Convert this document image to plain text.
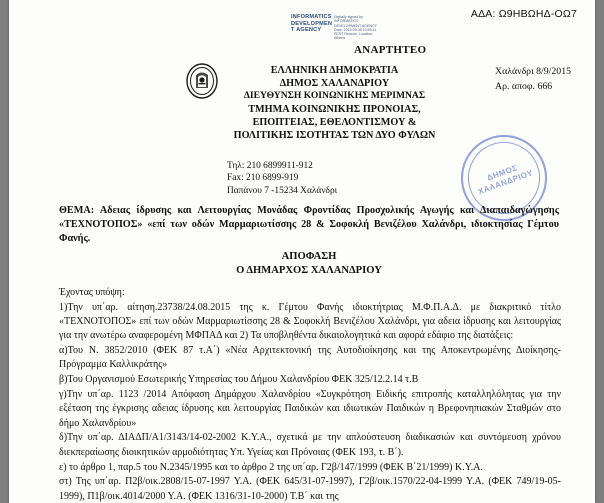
ΑΔΑ: Ω9ΗΒΩΗΔ-ΟΩ7
INFORMATICS DEVELOPMEN T AGENCY
Digitally signed by INFORMATICS DEVELOPMENT AGENCY Date: 2015.09.08 10:55:11 EEST Reason: Location: Athens
ΑΝΑΡΤΗΤΕΟ
ΕΛΛΗΝΙΚΗ ΔΗΜΟΚΡΑΤΙΑ
ΔΗΜΟΣ ΧΑΛΑΝΔΡΙΟΥ
ΔΙΕΥΘΥΝΣΗ ΚΟΙΝΩΝΙΚΗΣ ΜΕΡΙΜΝΑΣ
ΤΜΗΜΑ ΚΟΙΝΩΝΙΚΗΣ ΠΡΟΝΟΙΑΣ,
ΕΠΟΠΤΕΙΑΣ, ΕΘΕΛΟΝΤΙΣΜΟΥ &
ΠΟΛΙΤΙΚΗΣ ΙΣΟΤΗΤΑΣ ΤΩΝ ΔΥΟ ΦΥΛΩΝ
Τηλ: 210 6899911-912
Fax: 210 6899-919
Παπάνου 7 -15234 Χαλάνδρι
Χαλάνδρι 8/9/2015
Αρ. αποφ. 666
ΔΗΜΟΣ ΧΑΛΑΝΔΡΙΟΥ
ΘΕΜΑ: Αδειας ίδρυσης και Λειτουργίας Μονάδας Φροντίδας Προσχολικής Αγωγής και Διαπαιδαγώγησης «ΤΕΧΝΟΤΟΠΟΣ» «επί των οδών Μαρμαριωτίσσης 28 & Σοφοκλή Βενιζέλου Χαλάνδρι, ιδιοκτησίας Γέμτου Φανής.
ΑΠΟΦΑΣΗ
Ο ΔΗΜΑΡΧΟΣ ΧΑΛΑΝΔΡΙΟΥ

Έχοντας υπόψη:

1)Την υπ΄αρ. αίτηση.23738/24.08.2015 της κ. Γέμτου Φανής ιδιοκτήτριας Μ.Φ.Π.Α.Δ. με διακριτικό τίτλο «ΤΕΧΝΟΤΟΠΟΣ» επί των οδών Μαρμαριωτίσσης 28 & Σοφοκλή Βενιζέλου Χαλάνδρι, για αδεια ίδρυσης και λειτουργίας για την ανωτέρω αναφερομένη ΜΦΠΑΔ και 2) Τα υποβληθέντα δικαιολογητικά και αφορά εδάφιο της διατάξεις:

α)Του Ν. 3852/2010 (ΦΕΚ 87 τ.Α΄) «Νέα Αρχιτεκτονική της Αυτοδιοίκησης και της Αποκεντρωμένης Διοίκησης- Πρόγραμμα Καλλικράτης»

β)Του Οργανισμού Εσωτερικής Υπηρεσίας του Δήμου Χαλανδρίου ΦΕΚ 325/12.2.14 τ.Β

γ)Την υπ΄αρ. 1123 /2014 Απόφαση Δημάρχου Χαλανδρίου «Συγκρότηση Ειδικής επιτροπής καταλληλόλητας για την εξέταση της έγκρισης αδειας ίδρυσης και λειτουργίας Παιδικών και ιδιωτικών Παιδικών η Βρεφονηπιακών Σταθμών στο δήμο Χαλανδρίου»

δ)Την υπ΄αρ. ΔΙΑΔΠ/Α1/3143/14-02-2002 Κ.Υ.Α., σχετικά με την απλούστευση διαδικασιών και συντόμευση χρόνου διεκπεραίωσης διοικητικών αρμοδιότητας Υπ. Υγείας και Πρόνοιας (ΦΕΚ 193, τ. Β΄).

ε) το άρθρο 1, παρ.5 του Ν.2345/1995 και το άρθρο 2 της υπ΄αρ. Γ2β/147/1999 (ΦΕΚ Β΄21/1999) Κ.Υ.Α.

στ) Της υπ΄αρ. Π2β/οικ.2808/15-07-1997 Υ.Α. (ΦΕΚ 645/31-07-1997), Γ2β/οικ.1570/22-04-1999 Υ.Α. (ΦΕΚ 749/19-05-1999), Π1β/οικ.4014/2000 Υ.Α. (ΦΕΚ 1316/31-10-2000) Τ.Β΄ και της
